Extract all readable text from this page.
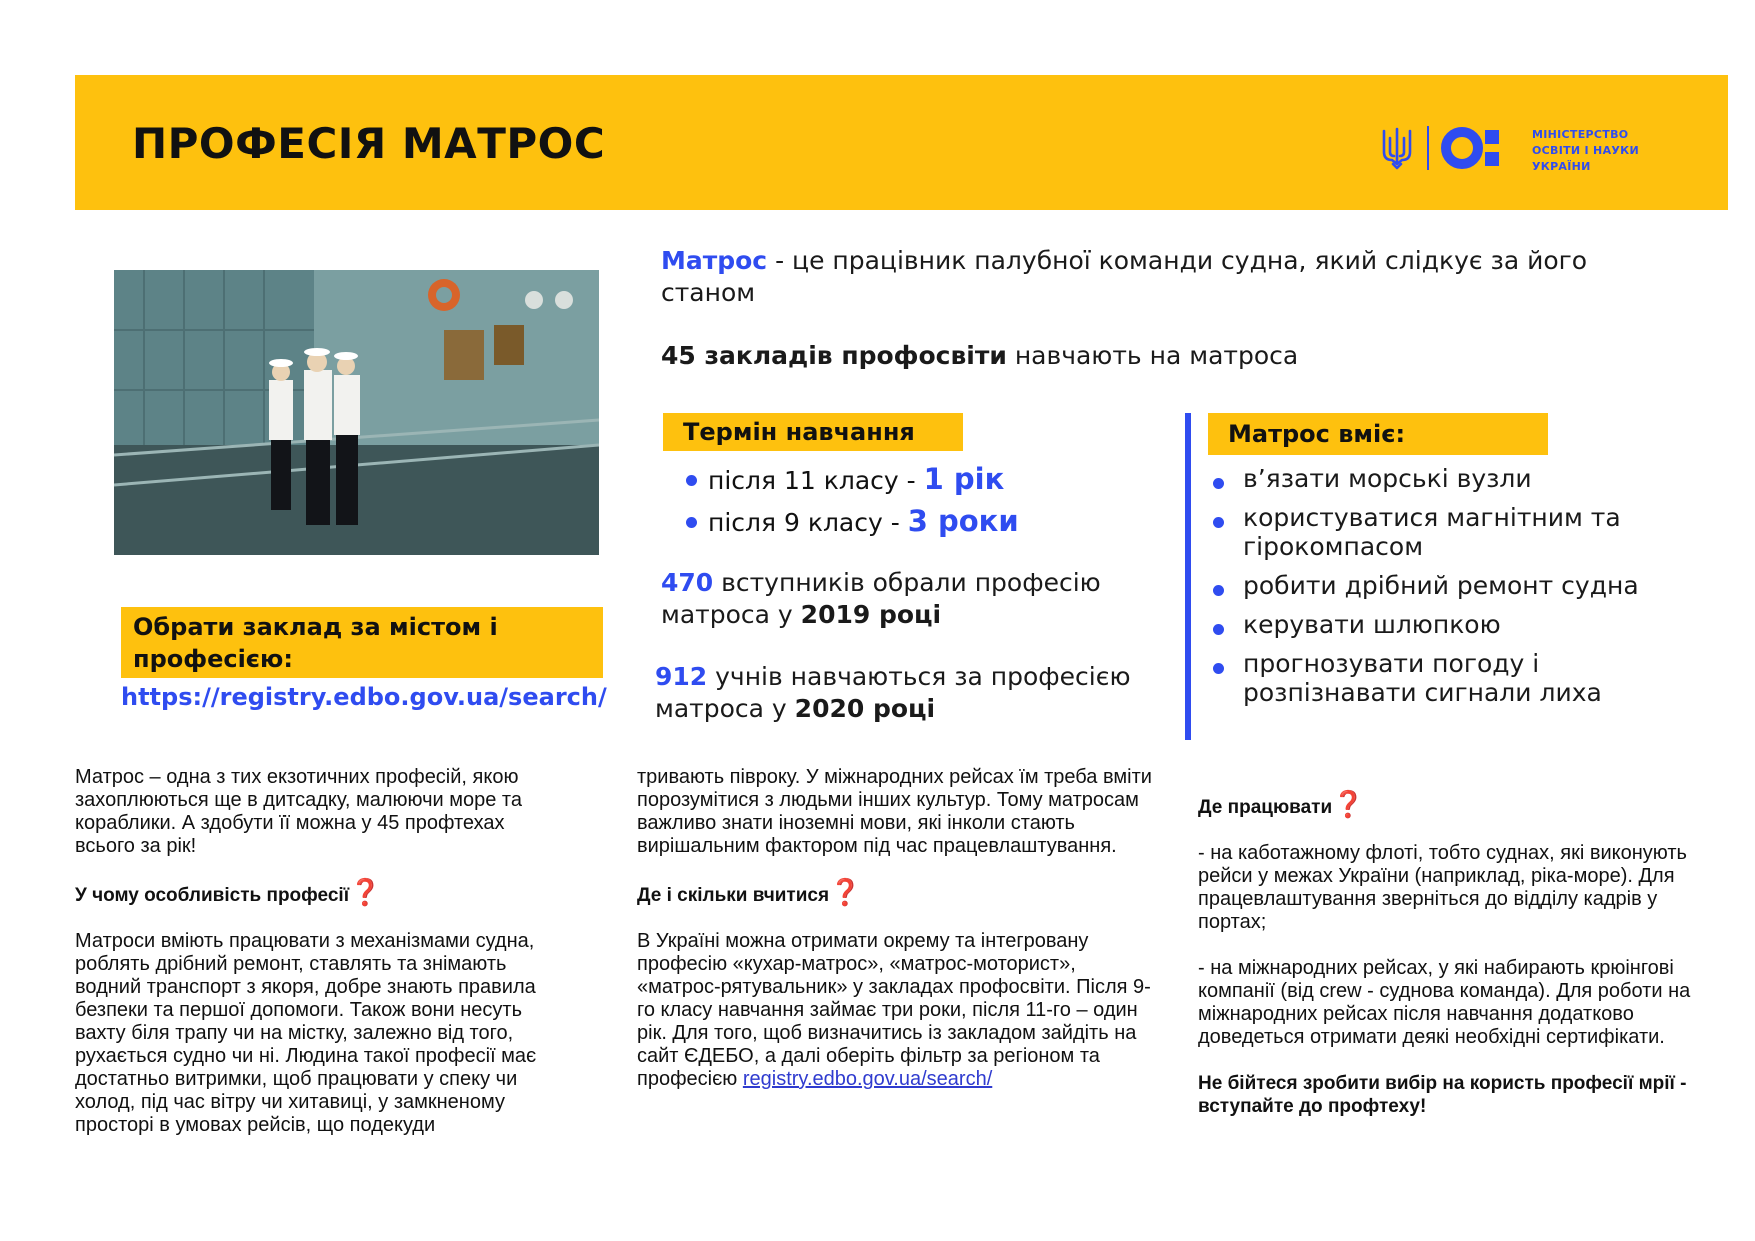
ПРОФЕСІЯ МАТРОС	МІНІСТЕРСТВО
ОСВІТИ І НАУКИ
УКРАЇНИ

Матрос - це працівник палубної команди судна, який слідкує за його станом

45 закладів профосвіти навчають на матроса

Термін навчання
після 11 класу - 1 рік
після 9 класу - 3 роки

470 вступників обрали професію матроса у 2019 році

912 учнів навчаються за професією матроса у 2020 році

Матрос вміє:
в’язати морські вузли
користуватися магнітним та гірокомпасом
робити дрібний ремонт судна
керувати шлюпкою
прогнозувати погоду і розпізнавати сигнали лиха
Обрати заклад за містом і професією:
https://registry.edbo.gov.ua/search/

Матрос – одна з тих екзотичних професій, якою захоплюються ще в дитсадку, малюючи море та кораблики. А здобути її можна у 45 профтехах всього за рік!

У чому особливість професії❓

Матроси вміють працювати з механізмами судна, роблять дрібний ремонт, ставлять та знімають водний транспорт з якоря, добре знають правила безпеки та першої допомоги. Також вони несуть вахту біля трапу чи на містку, залежно від того, рухається судно чи ні. Людина такої професії має достатньо витримки, щоб працювати у спеку чи холод, під час вітру чи хитавиці, у замкненому просторі в умовах рейсів, що подекуди

тривають півроку. У міжнародних рейсах їм треба вміти порозумітися з людьми інших культур. Тому матросам важливо знати іноземні мови, які інколи стають вирішальним фактором під час працевлаштування.

Де і скільки вчитися❓

В Україні можна отримати окрему та інтегровану професію «кухар-матрос», «матрос-моторист», «матрос-рятувальник» у закладах профосвіти. Після 9-го класу навчання займає три роки, після 11-го – один рік. Для того, щоб визначитись із закладом зайдіть на сайт ЄДЕБО, а далі оберіть фільтр за регіоном та професією registry.edbo.gov.ua/search/

Де працювати❓

- на каботажному флоті, тобто суднах, які виконують рейси у межах України (наприклад, ріка-море). Для працевлаштування зверніться до відділу кадрів у портах;

- на міжнародних рейсах, у які набирають крюінгові компанії (від crew - суднова команда). Для роботи на міжнародних рейсах після навчання додатково доведеться отримати деякі необхідні сертифікати.

Не бійтеся зробити вибір на користь професії мрії - вступайте до профтеху!
